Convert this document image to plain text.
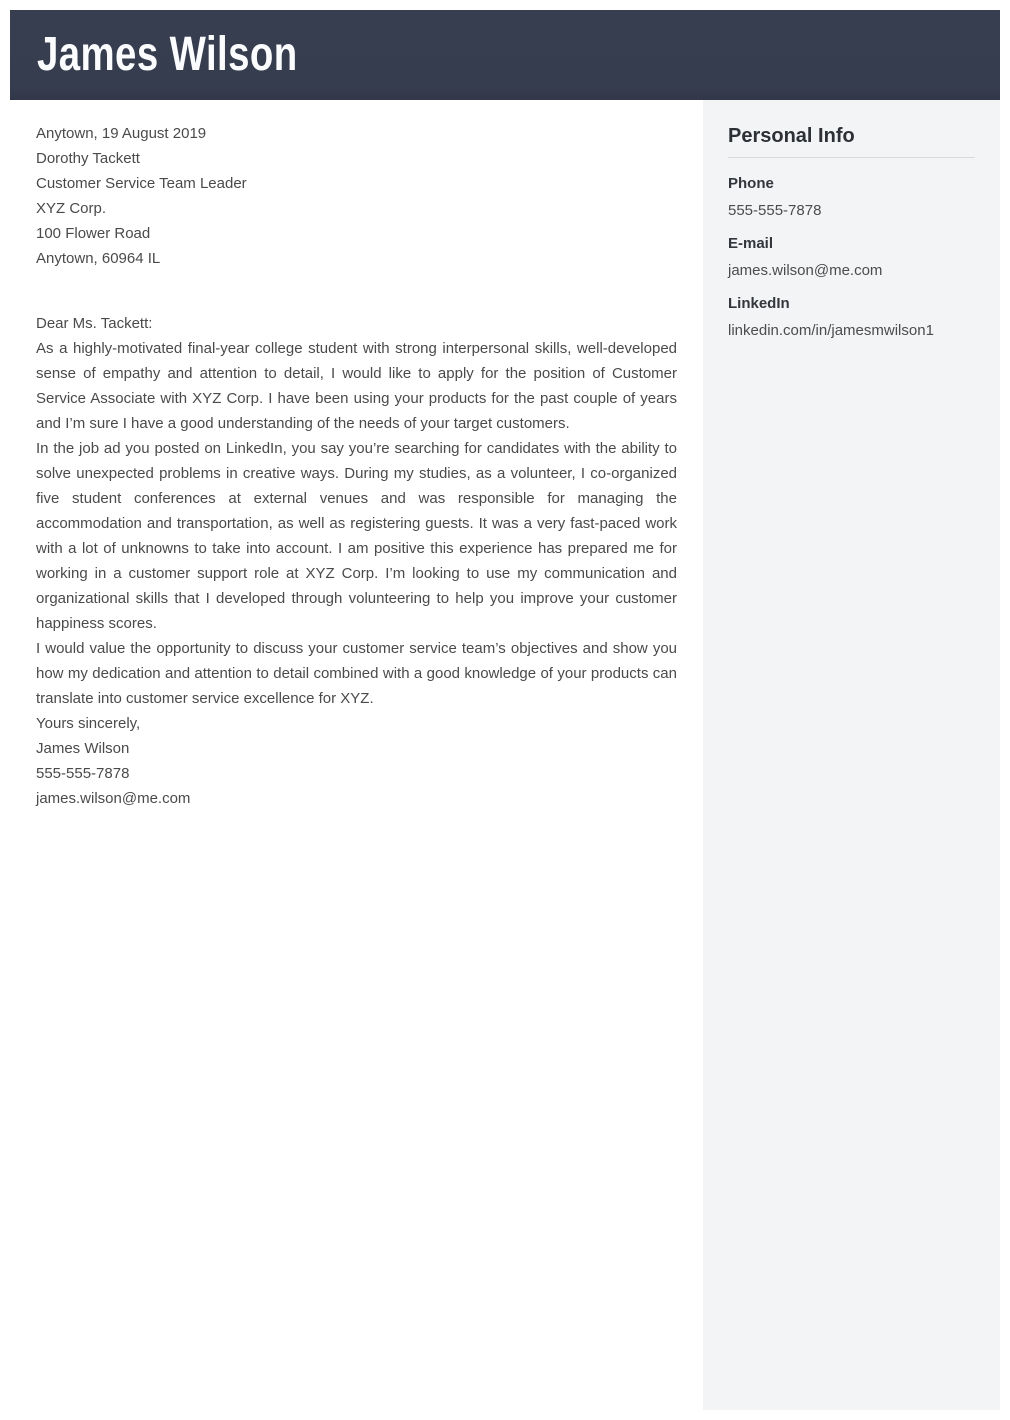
James Wilson

Anytown, 19 August 2019

Dorothy Tackett

Customer Service Team Leader

XYZ Corp.

100 Flower Road

Anytown, 60964 IL

Dear Ms. Tackett:

As a highly-motivated final-year college student with strong interpersonal skills, well-developed sense of empathy and attention to detail, I would like to apply for the position of Customer Service Associate with XYZ Corp. I have been using your products for the past couple of years and I’m sure I have a good understanding of the needs of your target customers.

In the job ad you posted on LinkedIn, you say you’re searching for candidates with the ability to solve unexpected problems in creative ways. During my studies, as a volunteer, I co-organized five student conferences at external venues and was responsible for managing the accommodation and transportation, as well as registering guests. It was a very fast-paced work with a lot of unknowns to take into account. I am positive this experience has prepared me for working in a customer support role at XYZ Corp. I’m looking to use my communication and organizational skills that I developed through volunteering to help you improve your customer happiness scores.

I would value the opportunity to discuss your customer service team’s objectives and show you how my dedication and attention to detail combined with a good knowledge of your products can translate into customer service excellence for XYZ.

Yours sincerely,

James Wilson

555-555-7878

james.wilson@me.com

Personal Info
Phone
555-555-7878
E-mail
james.wilson@me.com
LinkedIn
linkedin.com/in/jamesmwilson1
